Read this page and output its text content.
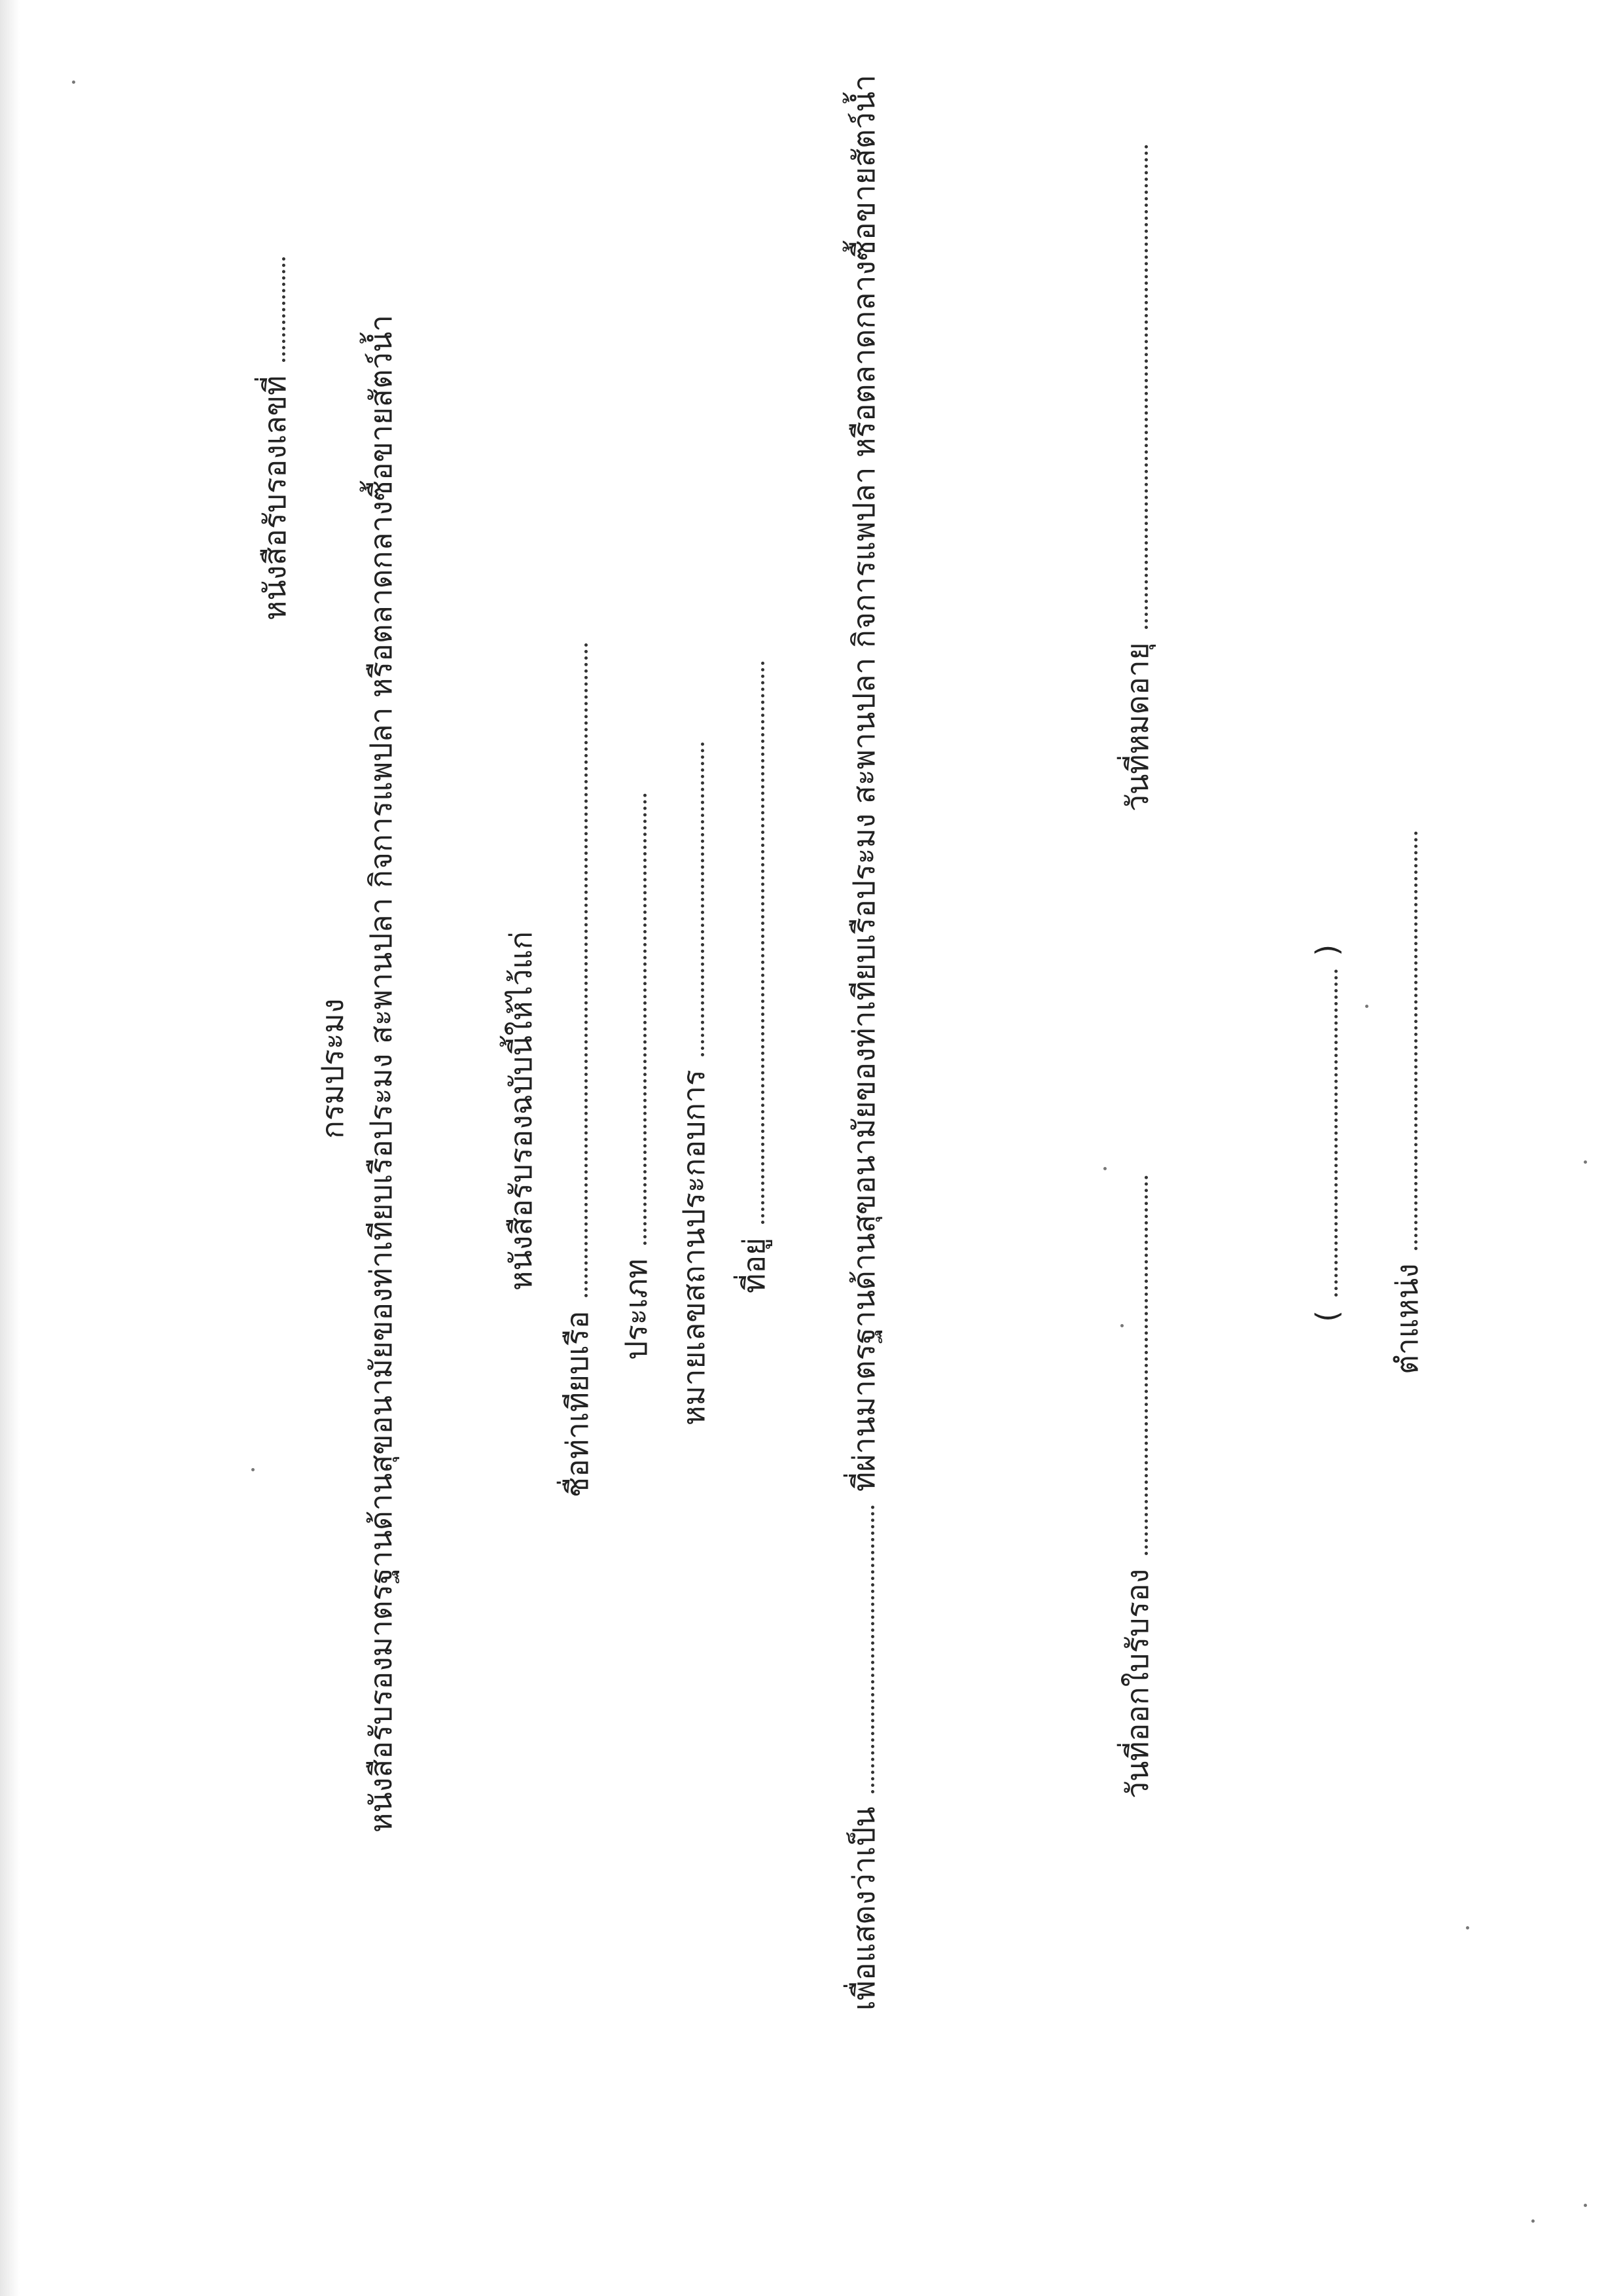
หนังสือรับรองเลขที่
กรมประมง หนังสือรับรองมาตรฐานด้านสุขอนามัยของท่าเทียบเรือประมง สะพานปลา กิจการแพปลา หรือตลาดกลางซื้อขายสัตว์น้ำ	หนังสือรับรองฉบับนี้ให้ไว้แก่
ชื่อท่าเทียบเรือ
ประเภท หมายเลขสถานประกอบการ ที่อยู่
เพื่อแสดงว่าเป็น  ที่ผ่านมาตรฐานด้านสุขอนามัยของท่าเทียบเรือประมง สะพานปลา กิจการแพปลา หรือตลาดกลางซื้อขายสัตว์น้ำ
วันที่ออกใบรับรอง
วันที่หมดอายุ
(  )
ตำแหน่ง
